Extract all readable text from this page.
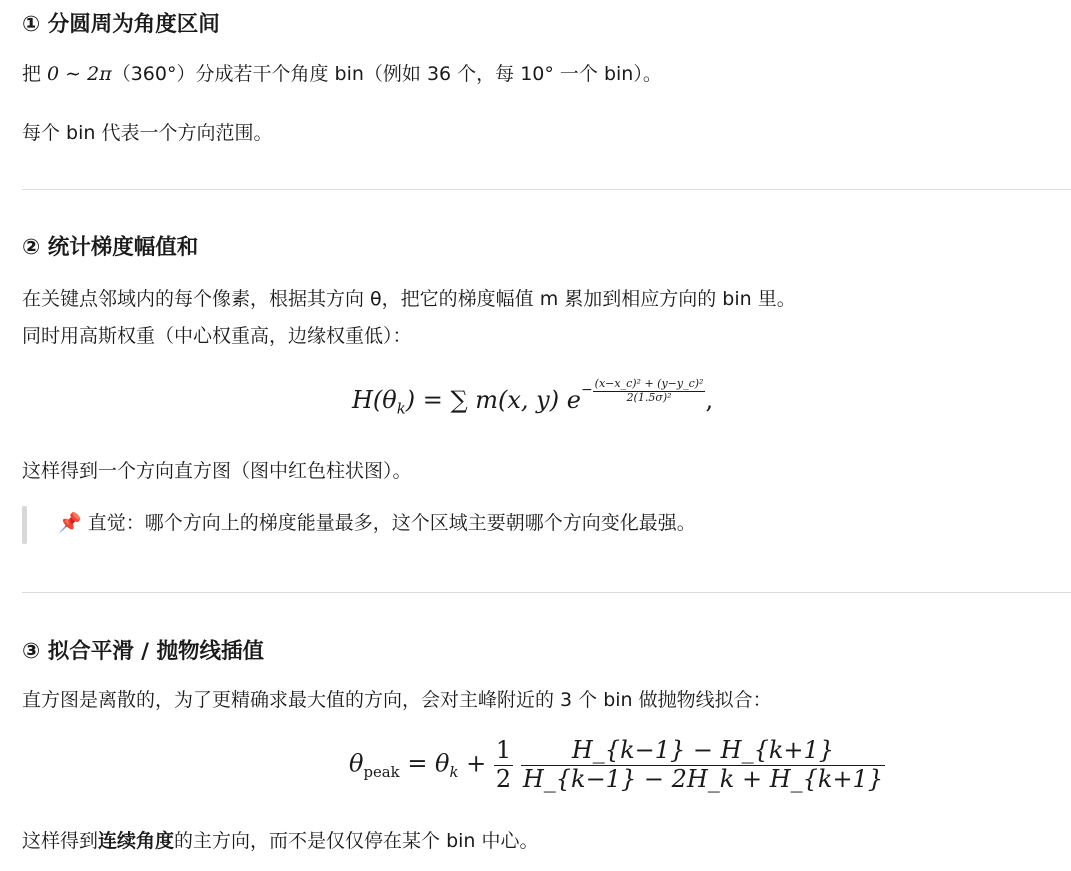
① 分圆周为角度区间

把 0 ∼ 2π（360°）分成若干个角度 bin（例如 36 个，每 10° 一个 bin）。

每个 bin 代表一个方向范围。

② 统计梯度幅值和

在关键点邻域内的每个像素，根据其方向 θ，把它的梯度幅值 m 累加到相应方向的 bin 里。

同时用高斯权重（中心权重高，边缘权重低）：

$H(\theta_k)$ = ∑ m(x, y) $e^{- \frac{\text{(x−x\_c)² + (y−y\_c)²}}{\text{2(1.5σ)²}}}$ ,

这样得到一个方向直方图（图中红色柱状图）。

📌 直觉：哪个方向上的梯度能量最多，这个区域主要朝哪个方向变化最强。

③ 拟合平滑 / 抛物线插值

直方图是离散的，为了更精确求最大值的方向，会对主峰附近的 3 个 bin 做抛物线拟合：

$\theta_{peak} = \theta_k + \frac{1}{2}$
$\frac{H\_\{k-1\} - H\_\{k+1\}}{H\_\{k-1\} - 2H\_k + H\_\{k+1\}}$

这样得到连续角度的主方向，而不是仅仅停在某个 bin 中心。
